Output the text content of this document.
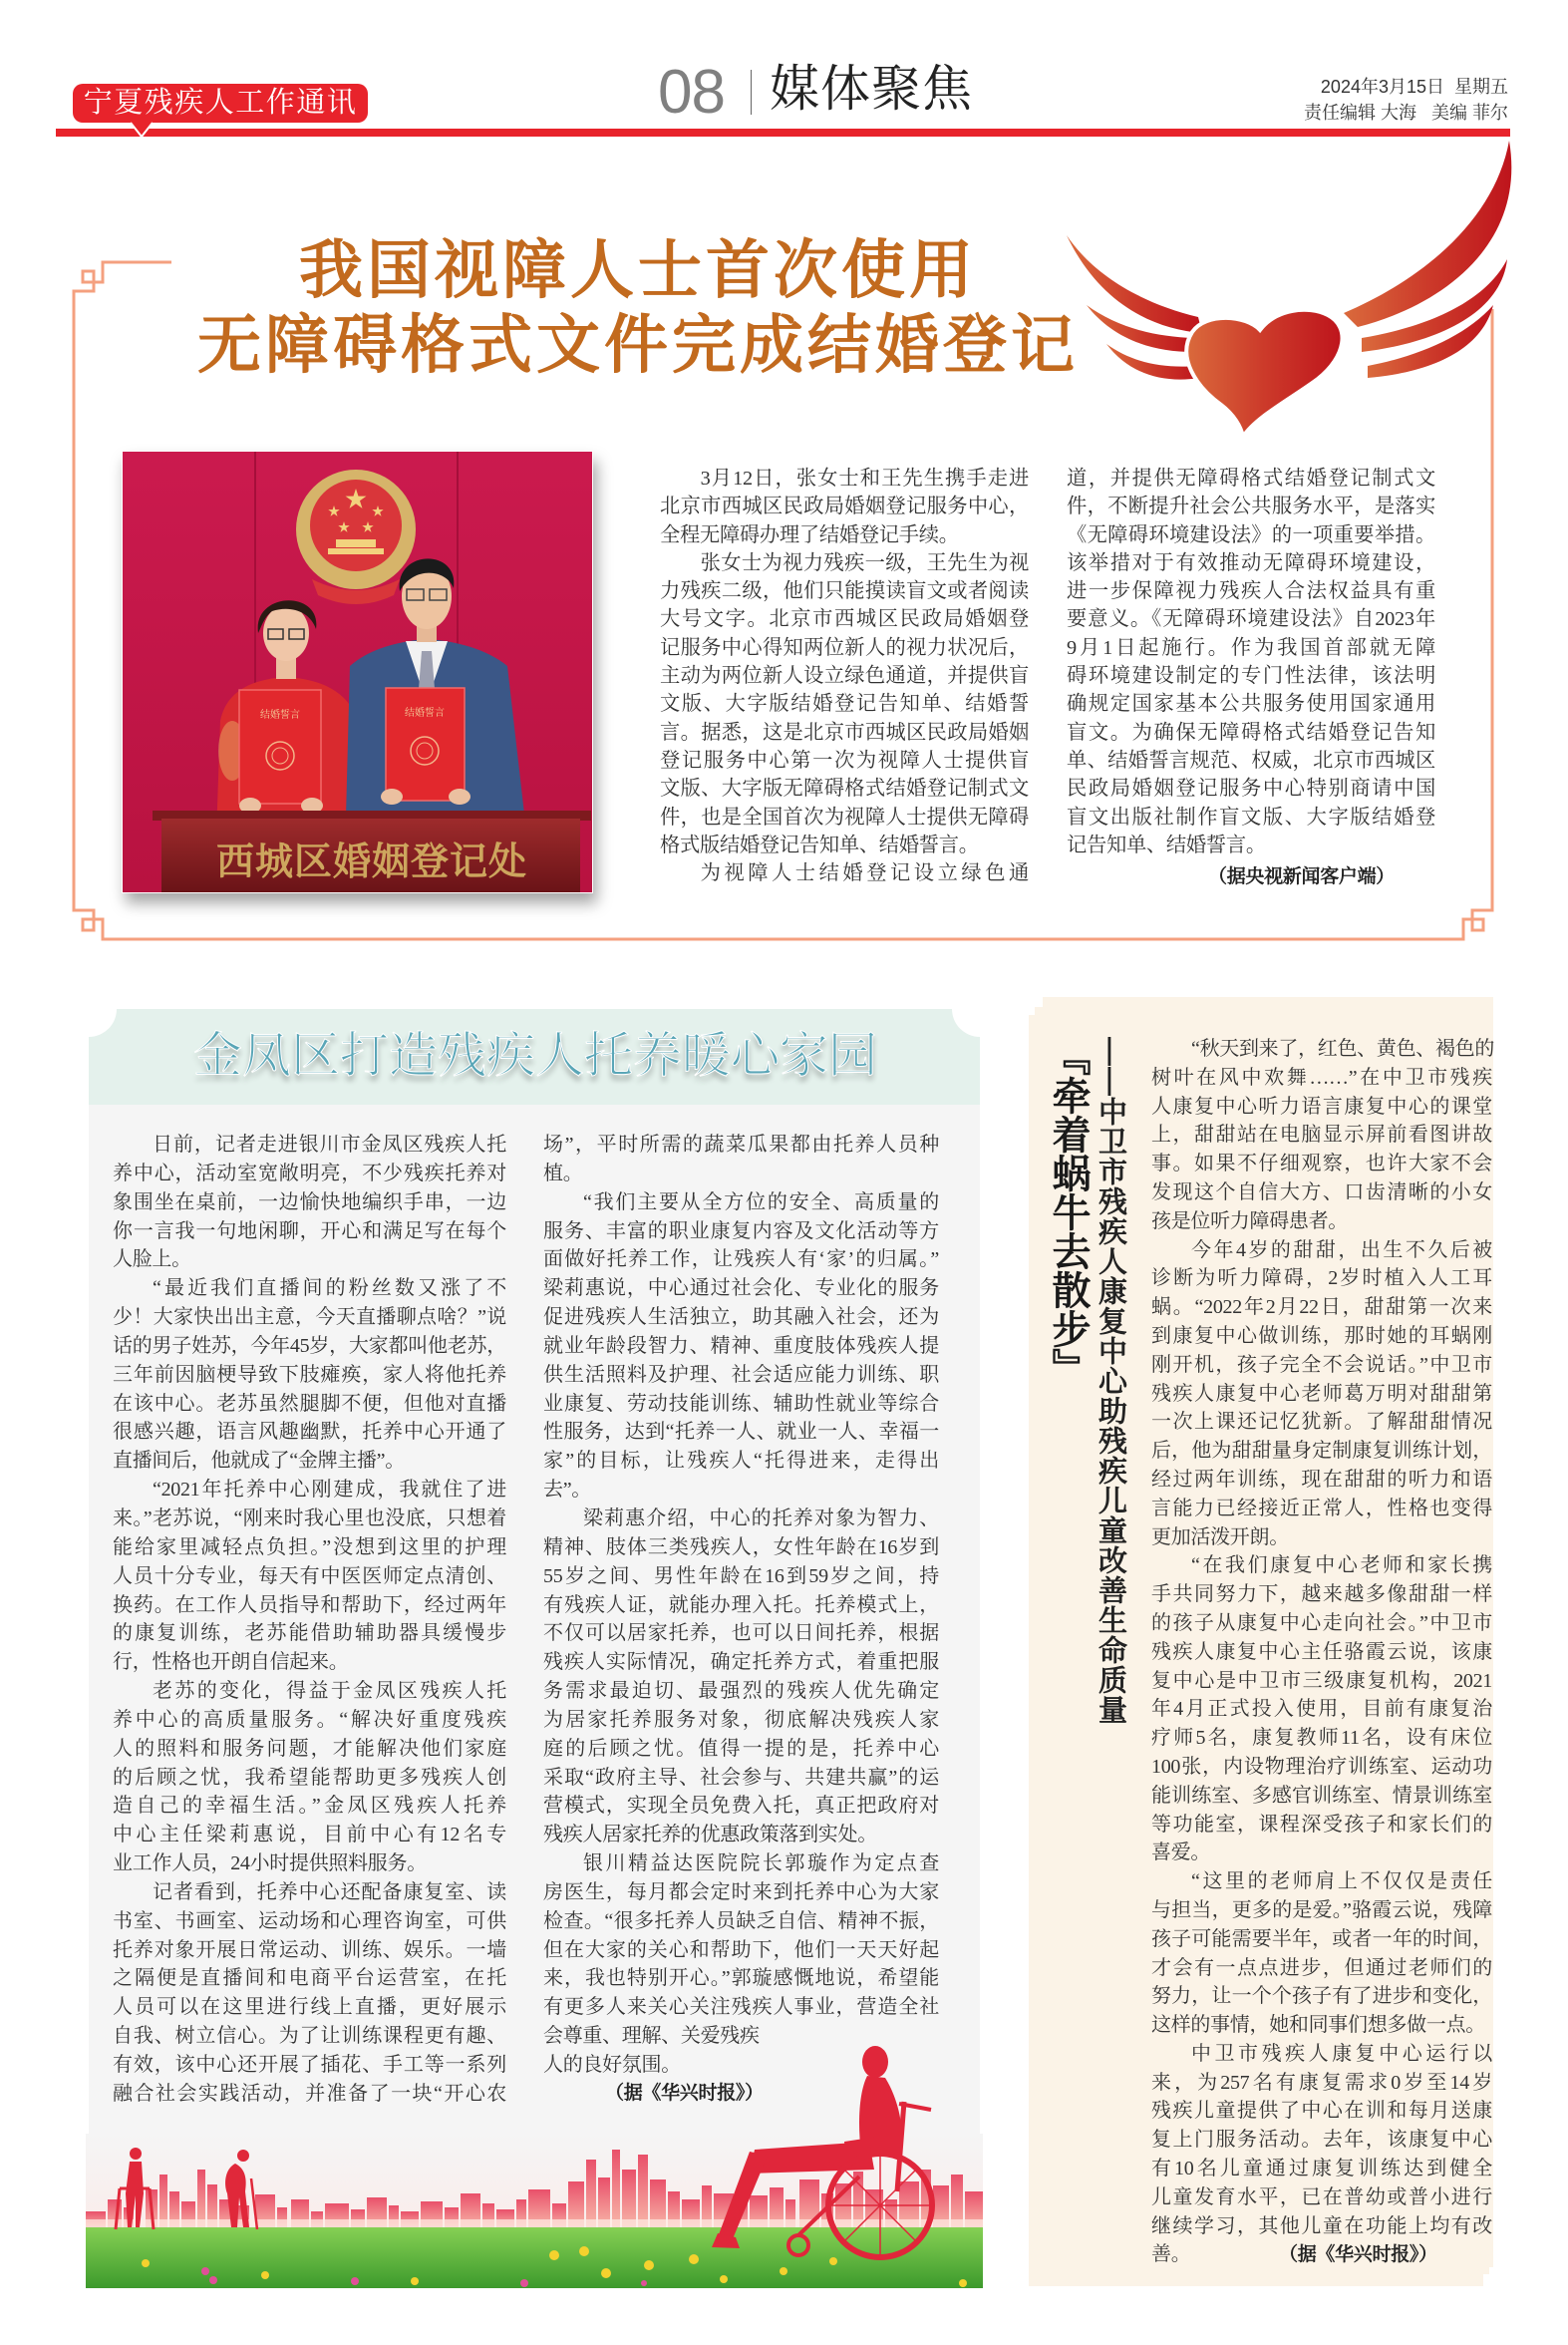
宁夏残疾人工作通讯	08 媒体聚焦	2024年3月15日  星期五
责任编辑 大海   美编 菲尔
我国视障人士首次使用
无障碍格式文件完成结婚登记
结婚誓言	结婚誓言
西城区婚姻登记处

3月12日，张女士和王先生携手走进
北京市西城区民政局婚姻登记服务中心，
全程无障碍办理了结婚登记手续。

张女士为视力残疾一级，王先生为视
力残疾二级，他们只能摸读盲文或者阅读
大号文字。北京市西城区民政局婚姻登
记服务中心得知两位新人的视力状况后，
主动为两位新人设立绿色通道，并提供盲
文版、大字版结婚登记告知单、结婚誓
言。据悉，这是北京市西城区民政局婚姻
登记服务中心第一次为视障人士提供盲
文版、大字版无障碍格式结婚登记制式文
件，也是全国首次为视障人士提供无障碍
格式版结婚登记告知单、结婚誓言。

为视障人士结婚登记设立绿色通

道，并提供无障碍格式结婚登记制式文
件，不断提升社会公共服务水平，是落实
《无障碍环境建设法》的一项重要举措。
该举措对于有效推动无障碍环境建设，
进一步保障视力残疾人合法权益具有重
要意义。《无障碍环境建设法》自2023年
9月1日起施行。作为我国首部就无障
碍环境建设制定的专门性法律，该法明
确规定国家基本公共服务使用国家通用
盲文。为确保无障碍格式结婚登记告知
单、结婚誓言规范、权威，北京市西城区
民政局婚姻登记服务中心特别商请中国
盲文出版社制作盲文版、大字版结婚登
记告知单、结婚誓言。

（据央视新闻客户端）
金凤区打造残疾人托养暖心家园

日前，记者走进银川市金凤区残疾人托
养中心，活动室宽敞明亮，不少残疾托养对
象围坐在桌前，一边愉快地编织手串，一边
你一言我一句地闲聊，开心和满足写在每个
人脸上。

“最近我们直播间的粉丝数又涨了不
少！大家快出出主意，今天直播聊点啥？”说
话的男子姓苏，今年45岁，大家都叫他老苏，
三年前因脑梗导致下肢瘫痪，家人将他托养
在该中心。老苏虽然腿脚不便，但他对直播
很感兴趣，语言风趣幽默，托养中心开通了
直播间后，他就成了“金牌主播”。

“2021年托养中心刚建成，我就住了进
来。”老苏说，“刚来时我心里也没底，只想着
能给家里减轻点负担。”没想到这里的护理
人员十分专业，每天有中医医师定点清创、
换药。在工作人员指导和帮助下，经过两年
的康复训练，老苏能借助辅助器具缓慢步
行，性格也开朗自信起来。

老苏的变化，得益于金凤区残疾人托
养中心的高质量服务。“解决好重度残疾
人的照料和服务问题，才能解决他们家庭
的后顾之忧，我希望能帮助更多残疾人创
造自己的幸福生活。”金凤区残疾人托养
中心主任梁莉惠说，目前中心有12名专
业工作人员，24小时提供照料服务。

记者看到，托养中心还配备康复室、读
书室、书画室、运动场和心理咨询室，可供
托养对象开展日常运动、训练、娱乐。一墙
之隔便是直播间和电商平台运营室，在托
人员可以在这里进行线上直播，更好展示
自我、树立信心。为了让训练课程更有趣、
有效，该中心还开展了插花、手工等一系列
融合社会实践活动，并准备了一块“开心农

场”，平时所需的蔬菜瓜果都由托养人员种
植。

“我们主要从全方位的安全、高质量的
服务、丰富的职业康复内容及文化活动等方
面做好托养工作，让残疾人有‘家’的归属。”
梁莉惠说，中心通过社会化、专业化的服务
促进残疾人生活独立，助其融入社会，还为
就业年龄段智力、精神、重度肢体残疾人提
供生活照料及护理、社会适应能力训练、职
业康复、劳动技能训练、辅助性就业等综合
性服务，达到“托养一人、就业一人、幸福一
家”的目标，让残疾人“托得进来，走得出
去”。

梁莉惠介绍，中心的托养对象为智力、
精神、肢体三类残疾人，女性年龄在16岁到
55岁之间、男性年龄在16到59岁之间，持
有残疾人证，就能办理入托。托养模式上，
不仅可以居家托养，也可以日间托养，根据
残疾人实际情况，确定托养方式，着重把服
务需求最迫切、最强烈的残疾人优先确定
为居家托养服务对象，彻底解决残疾人家
庭的后顾之忧。值得一提的是，托养中心
采取“政府主导、社会参与、共建共赢”的运
营模式，实现全员免费入托，真正把政府对
残疾人居家托养的优惠政策落到实处。

银川精益达医院院长郭璇作为定点查
房医生，每月都会定时来到托养中心为大家
检查。“很多托养人员缺乏自信、精神不振，
但在大家的关心和帮助下，他们一天天好起
来，我也特别开心。”郭璇感慨地说，希望能
有更多人来关心关注残疾人事业，营造全社
会尊重、理解、关爱残疾

人的良好氛围。

（据《华兴时报》）
『牵着蜗牛去散步』 ——中卫市残疾人康复中心助残疾儿童改善生命质量	“秋天到来了，红色、黄色、褐色的
树叶在风中欢舞……”在中卫市残疾
人康复中心听力语言康复中心的课堂
上，甜甜站在电脑显示屏前看图讲故
事。如果不仔细观察，也许大家不会
发现这个自信大方、口齿清晰的小女
孩是位听力障碍患者。

今年4岁的甜甜，出生不久后被
诊断为听力障碍，2岁时植入人工耳
蜗。“2022年2月22日，甜甜第一次来
到康复中心做训练，那时她的耳蜗刚
刚开机，孩子完全不会说话。”中卫市
残疾人康复中心老师葛万明对甜甜第
一次上课还记忆犹新。了解甜甜情况
后，他为甜甜量身定制康复训练计划，
经过两年训练，现在甜甜的听力和语
言能力已经接近正常人，性格也变得
更加活泼开朗。

“在我们康复中心老师和家长携
手共同努力下，越来越多像甜甜一样
的孩子从康复中心走向社会。”中卫市
残疾人康复中心主任骆霞云说，该康
复中心是中卫市三级康复机构，2021
年4月正式投入使用，目前有康复治
疗师5名，康复教师11名，设有床位
100张，内设物理治疗训练室、运动功
能训练室、多感官训练室、情景训练室
等功能室，课程深受孩子和家长们的
喜爱。

“这里的老师肩上不仅仅是责任
与担当，更多的是爱。”骆霞云说，残障
孩子可能需要半年，或者一年的时间，
才会有一点点进步，但通过老师们的
努力，让一个个孩子有了进步和变化，
这样的事情，她和同事们想多做一点。

中卫市残疾人康复中心运行以
来，为257名有康复需求0岁至14岁
残疾儿童提供了中心在训和每月送康
复上门服务活动。去年，该康复中心
有10名儿童通过康复训练达到健全
儿童发育水平，已在普幼或普小进行
继续学习，其他儿童在功能上均有改
善。	（据《华兴时报》）
